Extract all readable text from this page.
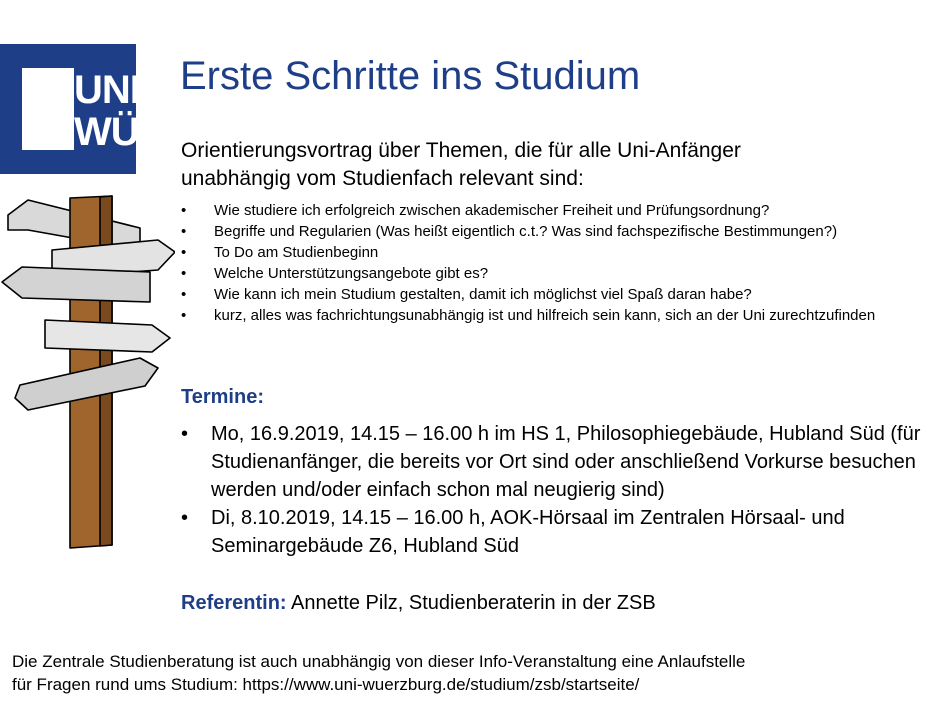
UNI
WÜ
Erste Schritte ins Studium
Orientierungsvortrag über Themen, die für alle Uni-Anfänger
unabhängig vom Studienfach relevant sind:
• Wie studiere ich erfolgreich zwischen akademischer Freiheit und Prüfungsordnung?
• Begriffe und Regularien (Was heißt eigentlich c.t.? Was sind fachspezifische Bestimmungen?)
• To Do am Studienbeginn
• Welche Unterstützungsangebote gibt es?
• Wie kann ich mein Studium gestalten, damit ich möglichst viel Spaß daran habe?
• kurz, alles was fachrichtungsunabhängig ist und hilfreich sein kann, sich an der Uni zurechtzufinden
Termine:
• Mo, 16.9.2019, 14.15 – 16.00 h im HS 1, Philosophiegebäude, Hubland Süd (für Studienanfänger, die bereits vor Ort sind oder anschließend Vorkurse besuchen werden und/oder einfach schon mal neugierig sind)
• Di, 8.10.2019, 14.15 – 16.00 h, AOK-Hörsaal im Zentralen Hörsaal- und Seminargebäude Z6, Hubland Süd
Referentin: Annette Pilz, Studienberaterin in der ZSB
Die Zentrale Studienberatung ist auch unabhängig von dieser Info-Veranstaltung eine Anlaufstelle
für Fragen rund ums Studium: https://www.uni-wuerzburg.de/studium/zsb/startseite/
